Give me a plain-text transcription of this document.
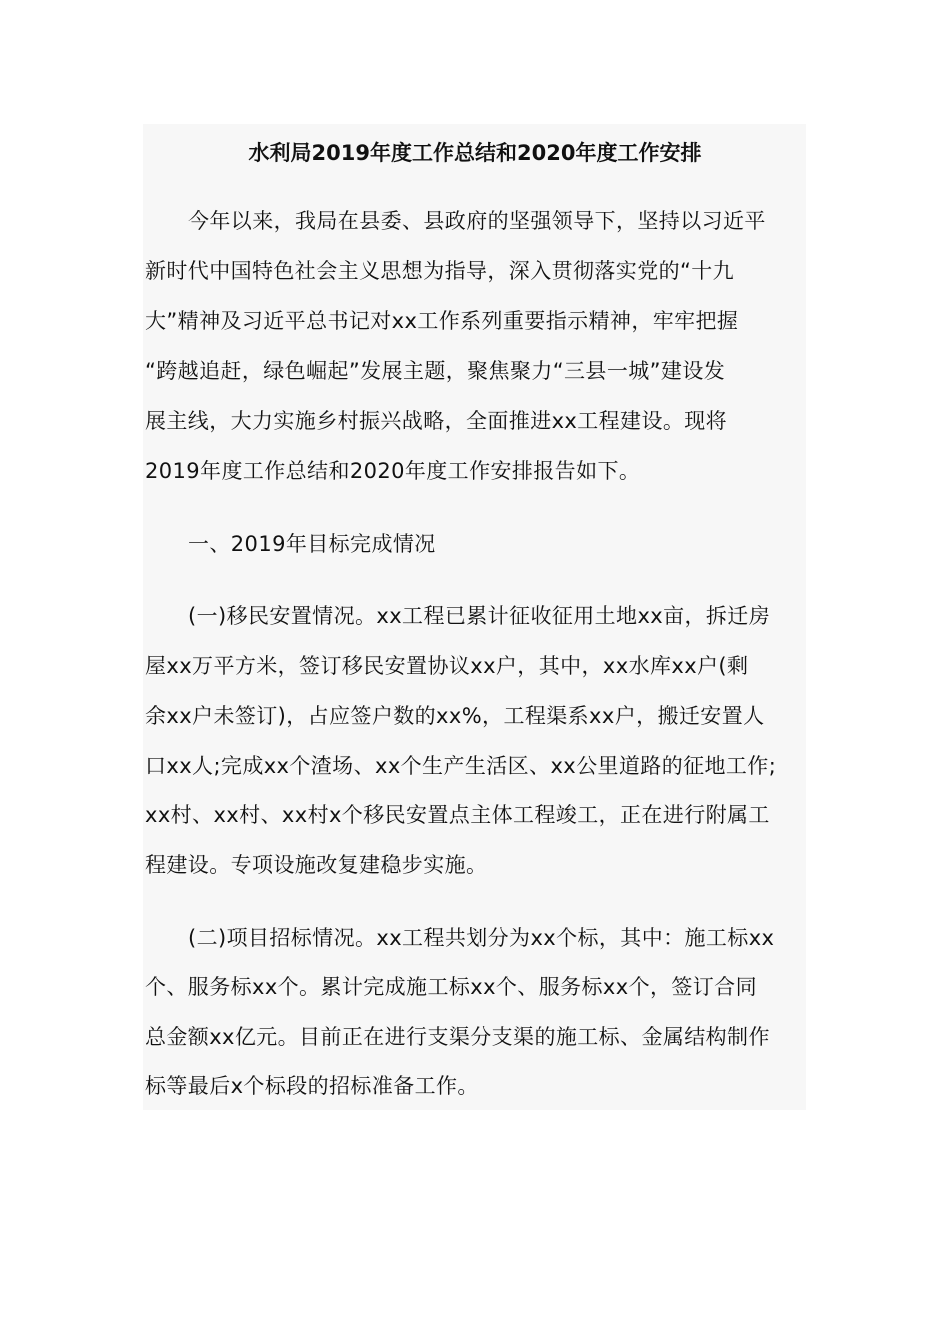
水利局2019年度工作总结和2020年度工作安排
今年以来，我局在县委、县政府的坚强领导下，坚持以习近平
新时代中国特色社会主义思想为指导，深入贯彻落实党的“十九
大”精神及习近平总书记对xx工作系列重要指示精神，牢牢把握
“跨越追赶，绿色崛起”发展主题，聚焦聚力“三县一城”建设发
展主线，大力实施乡村振兴战略，全面推进xx工程建设。现将
2019年度工作总结和2020年度工作安排报告如下。
一、2019年目标完成情况
(一)移民安置情况。xx工程已累计征收征用土地xx亩，拆迁房
屋xx万平方米，签订移民安置协议xx户，其中，xx水库xx户(剩
余xx户未签订)，占应签户数的xx%，工程渠系xx户，搬迁安置人
口xx人;完成xx个渣场、xx个生产生活区、xx公里道路的征地工作;
xx村、xx村、xx村x个移民安置点主体工程竣工，正在进行附属工
程建设。专项设施改复建稳步实施。
(二)项目招标情况。xx工程共划分为xx个标，其中：施工标xx
个、服务标xx个。累计完成施工标xx个、服务标xx个，签订合同
总金额xx亿元。目前正在进行支渠分支渠的施工标、金属结构制作
标等最后x个标段的招标准备工作。
